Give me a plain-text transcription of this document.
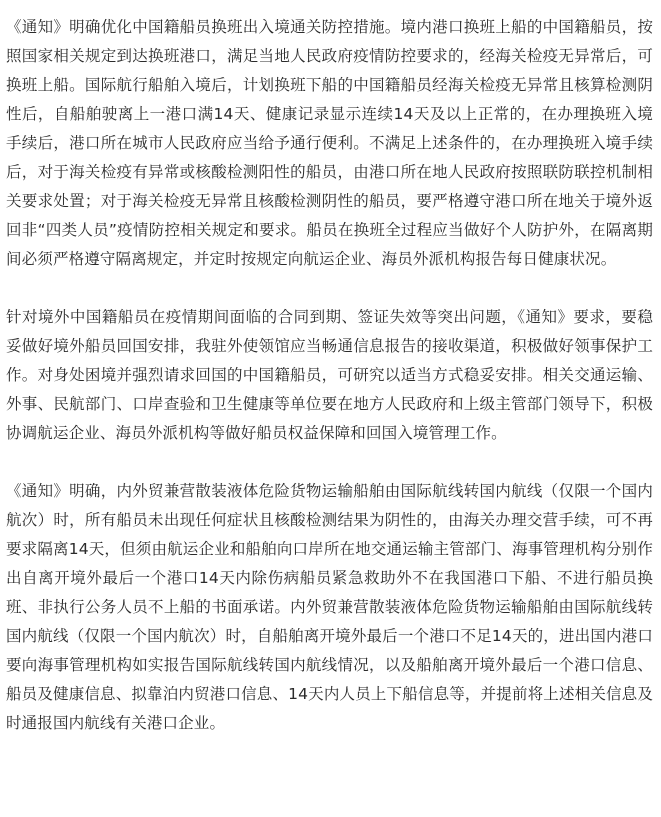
《通知》明确优化中国籍船员换班出入境通关防控措施。境内港口换班上船的中国籍船员，按照国家相关规定到达换班港口，满足当地人民政府疫情防控要求的，经海关检疫无异常后，可换班上船。国际航行船舶入境后，计划换班下船的中国籍船员经海关检疫无异常且核算检测阴性后，自船舶驶离上一港口满14天、健康记录显示连续14天及以上正常的，在办理换班入境手续后，港口所在城市人民政府应当给予通行便利。不满足上述条件的，在办理换班入境手续后，对于海关检疫有异常或核酸检测阳性的船员，由港口所在地人民政府按照联防联控机制相关要求处置；对于海关检疫无异常且核酸检测阴性的船员，要严格遵守港口所在地关于境外返回非“四类人员”疫情防控相关规定和要求。船员在换班全过程应当做好个人防护外，在隔离期间必须严格遵守隔离规定，并定时按规定向航运企业、海员外派机构报告每日健康状况。

针对境外中国籍船员在疫情期间面临的合同到期、签证失效等突出问题，《通知》要求，要稳妥做好境外船员回国安排，我驻外使领馆应当畅通信息报告的接收渠道，积极做好领事保护工作。对身处困境并强烈请求回国的中国籍船员，可研究以适当方式稳妥安排。相关交通运输、外事、民航部门、口岸查验和卫生健康等单位要在地方人民政府和上级主管部门领导下，积极协调航运企业、海员外派机构等做好船员权益保障和回国入境管理工作。

《通知》明确，内外贸兼营散装液体危险货物运输船舶由国际航线转国内航线（仅限一个国内航次）时，所有船员未出现任何症状且核酸检测结果为阴性的，由海关办理交营手续，可不再要求隔离14天，但须由航运企业和船舶向口岸所在地交通运输主管部门、海事管理机构分别作出自离开境外最后一个港口14天内除伤病船员紧急救助外不在我国港口下船、不进行船员换班、非执行公务人员不上船的书面承诺。内外贸兼营散装液体危险货物运输船舶由国际航线转国内航线（仅限一个国内航次）时，自船舶离开境外最后一个港口不足14天的，进出国内港口要向海事管理机构如实报告国际航线转国内航线情况，以及船舶离开境外最后一个港口信息、船员及健康信息、拟靠泊内贸港口信息、14天内人员上下船信息等，并提前将上述相关信息及时通报国内航线有关港口企业。
